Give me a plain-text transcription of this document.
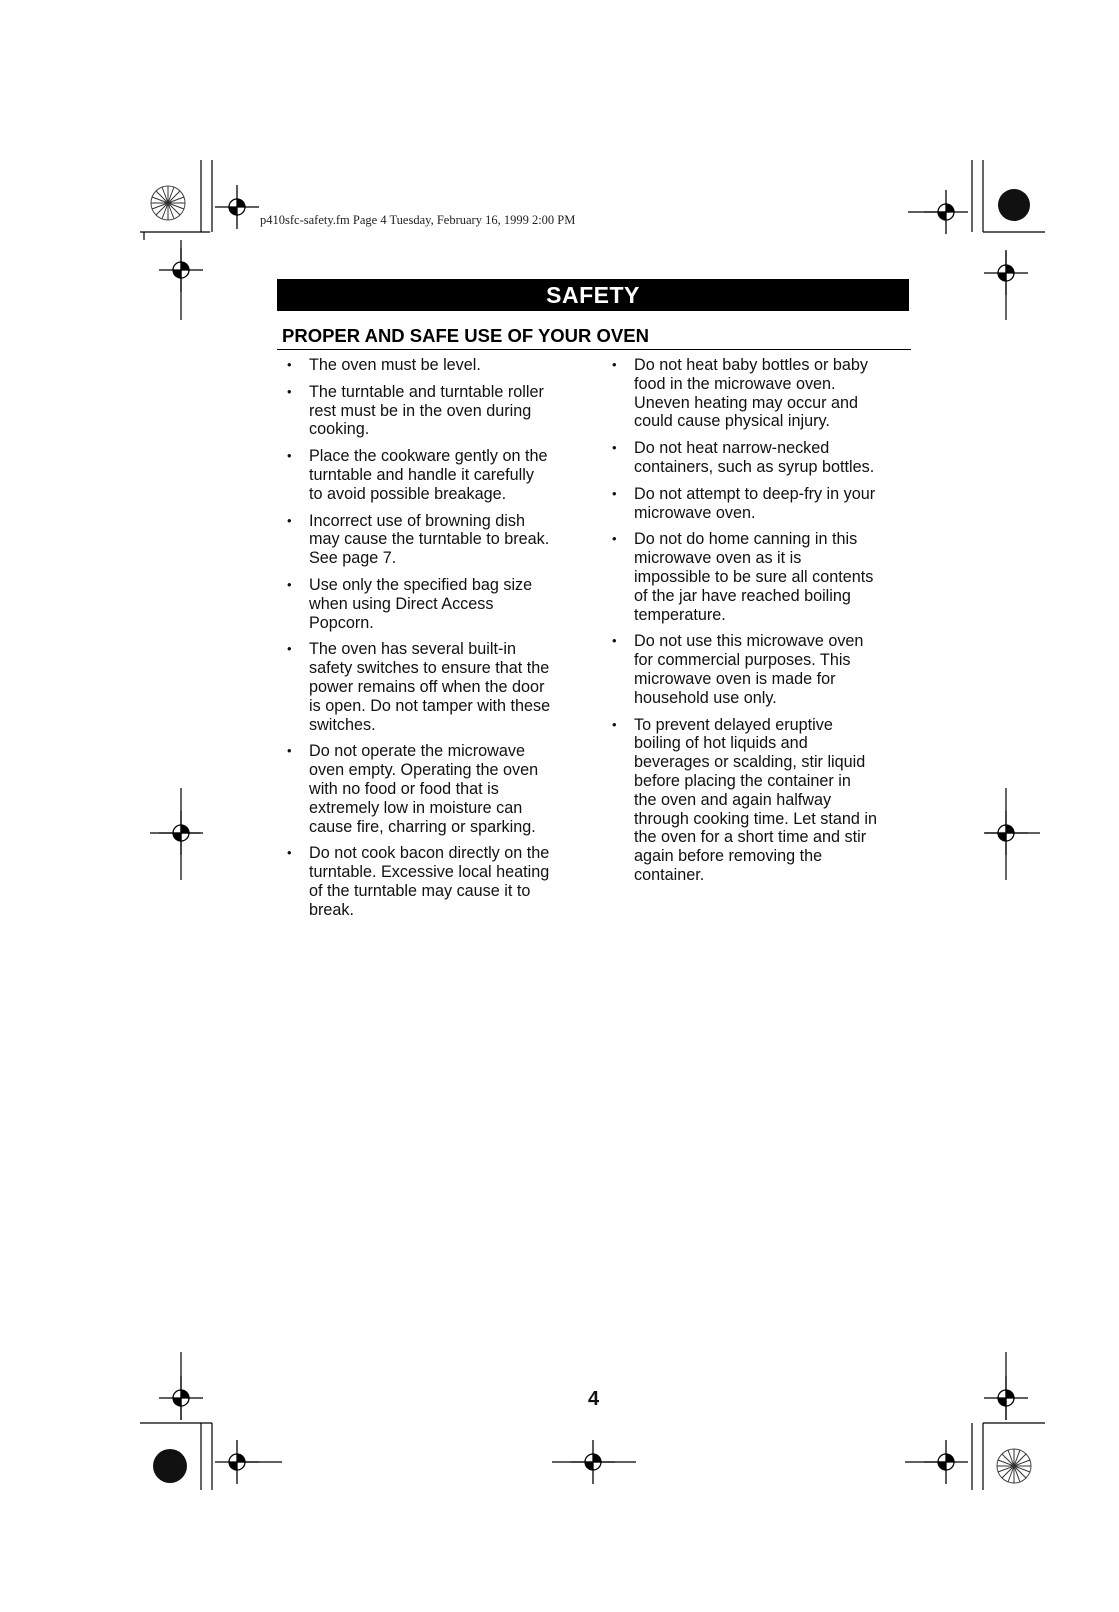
p410sfc-safety.fm Page 4 Tuesday, February 16, 1999 2:00 PM
SAFETY
PROPER AND SAFE USE OF YOUR OVEN
• The oven must be level.
• The turntable and turntable roller
rest must be in the oven during
cooking.
• Place the cookware gently on the
turntable and handle it carefully
to avoid possible breakage.
• Incorrect use of browning dish
may cause the turntable to break.
See page 7.
• Use only the specified bag size
when using Direct Access
Popcorn.
• The oven has several built-in
safety switches to ensure that the
power remains off when the door
is open. Do not tamper with these
switches.
• Do not operate the microwave
oven empty. Operating the oven
with no food or food that is
extremely low in moisture can
cause fire, charring or sparking.
• Do not cook bacon directly on the
turntable. Excessive local heating
of the turntable may cause it to
break.
• Do not heat baby bottles or baby
food in the microwave oven.
Uneven heating may occur and
could cause physical injury.
• Do not heat narrow-necked
containers, such as syrup bottles.
• Do not attempt to deep-fry in your
microwave oven.
• Do not do home canning in this
microwave oven as it is
impossible to be sure all contents
of the jar have reached boiling
temperature.
• Do not use this microwave oven
for commercial purposes. This
microwave oven is made for
household use only.
• To prevent delayed eruptive
boiling of hot liquids and
beverages or scalding, stir liquid
before placing the container in
the oven and again halfway
through cooking time. Let stand in
the oven for a short time and stir
again before removing the
container.
4
